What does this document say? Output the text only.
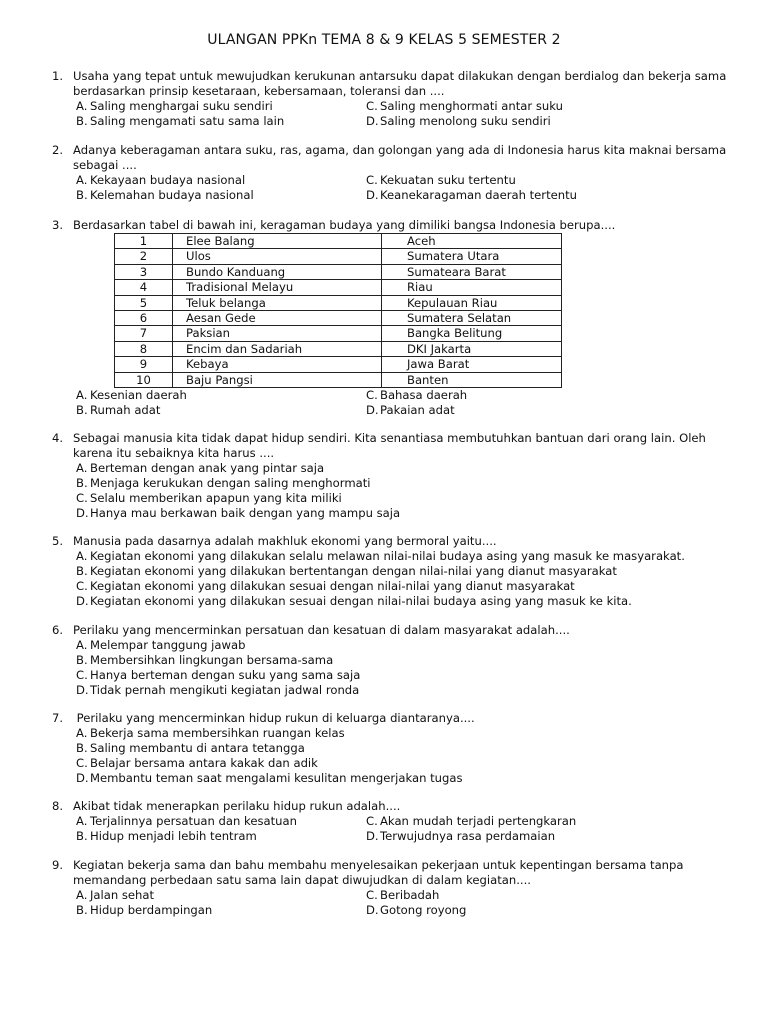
ULANGAN PPKn TEMA 8 & 9 KELAS 5 SEMESTER 2
1. Usaha yang tepat untuk mewujudkan kerukunan antarsuku dapat dilakukan dengan berdialog dan bekerja sama berdasarkan prinsip kesetaraan, kebersamaan, toleransi dan ....
A. Saling menghargai suku sendiri	C. Saling menghormati antar suku
B. Saling mengamati satu sama lain	D. Saling menolong suku sendiri
2. Adanya keberagaman antara suku, ras, agama, dan golongan yang ada di Indonesia harus kita maknai bersama sebagai ....
A. Kekayaan budaya nasional	C. Kekuatan suku tertentu
B. Kelemahan budaya nasional	D. Keanekaragaman daerah tertentu
3. Berdasarkan tabel di bawah ini, keragaman budaya yang dimiliki bangsa Indonesia berupa....
1	Elee Balang	Aceh
2	Ulos	Sumatera Utara
3	Bundo Kanduang	Sumateara Barat
4	Tradisional Melayu	Riau
5	Teluk belanga	Kepulauan Riau
6	Aesan Gede	Sumatera Selatan
7	Paksian	Bangka Belitung
8	Encim dan Sadariah	DKI Jakarta
9	Kebaya	Jawa Barat
10	Baju Pangsi	Banten
A. Kesenian daerah	C. Bahasa daerah
B. Rumah adat	D. Pakaian adat
4. Sebagai manusia kita tidak dapat hidup sendiri. Kita senantiasa membutuhkan bantuan dari orang lain. Oleh karena itu sebaiknya kita harus ....
A. Berteman dengan anak yang pintar saja
B. Menjaga kerukukan dengan saling menghormati
C. Selalu memberikan apapun yang kita miliki
D. Hanya mau berkawan baik dengan yang mampu saja
5. Manusia pada dasarnya adalah makhluk ekonomi yang bermoral yaitu....
A. Kegiatan ekonomi yang dilakukan selalu melawan nilai-nilai budaya asing yang masuk ke masyarakat.
B. Kegiatan ekonomi yang dilakukan bertentangan dengan nilai-nilai yang dianut masyarakat
C. Kegiatan ekonomi yang dilakukan sesuai dengan nilai-nilai yang dianut masyarakat
D. Kegiatan ekonomi yang dilakukan sesuai dengan nilai-nilai budaya asing yang masuk ke kita.
6. Perilaku yang mencerminkan persatuan dan kesatuan di dalam masyarakat adalah....
A. Melempar tanggung jawab
B. Membersihkan lingkungan bersama-sama
C. Hanya berteman dengan suku yang sama saja
D. Tidak pernah mengikuti kegiatan jadwal ronda
7. Perilaku yang mencerminkan hidup rukun di keluarga diantaranya....
A. Bekerja sama membersihkan ruangan kelas
B. Saling membantu di antara tetangga
C. Belajar bersama antara kakak dan adik
D. Membantu teman saat mengalami kesulitan mengerjakan tugas
8. Akibat tidak menerapkan perilaku hidup rukun adalah....
A. Terjalinnya persatuan dan kesatuan	C. Akan mudah terjadi pertengkaran
B. Hidup menjadi lebih tentram	D. Terwujudnya rasa perdamaian
9. Kegiatan bekerja sama dan bahu membahu menyelesaikan pekerjaan untuk kepentingan bersama tanpa memandang perbedaan satu sama lain dapat diwujudkan di dalam kegiatan....
A. Jalan sehat	C. Beribadah
B. Hidup berdampingan	D. Gotong royong
